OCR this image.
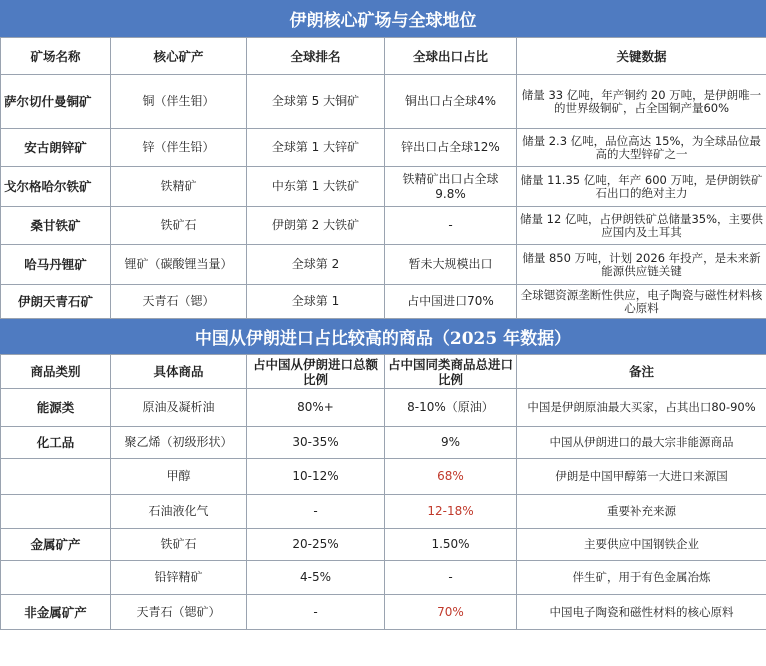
伊朗核心矿场与全球地位
矿场名称	核心矿产	全球排名	全球出口占比	关键数据
萨尔切什曼铜矿	铜（伴生钼）	全球第 5 大铜矿	铜出口占全球4%	储量 33 亿吨，年产铜约 20 万吨，是伊朗唯一的世界级铜矿，占全国铜产量60%
安古朗锌矿	锌（伴生铅）	全球第 1 大锌矿	锌出口占全球12%	储量 2.3 亿吨，品位高达 15%，为全球品位最高的大型锌矿之一
戈尔格哈尔铁矿	铁精矿	中东第 1 大铁矿	铁精矿出口占全球 9.8%	储量 11.35 亿吨，年产 600 万吨，是伊朗铁矿石出口的绝对主力
桑甘铁矿	铁矿石	伊朗第 2 大铁矿	-	储量 12 亿吨，占伊朗铁矿总储量35%，主要供应国内及土耳其
哈马丹锂矿	锂矿（碳酸锂当量）	全球第 2	暂未大规模出口	储量 850 万吨，计划 2026 年投产，是未来新能源供应链关键
伊朗天青石矿	天青石（锶）	全球第 1	占中国进口70%	全球锶资源垄断性供应，电子陶瓷与磁性材料核心原料
中国从伊朗进口占比较高的商品（2025 年数据）
商品类别	具体商品	占中国从伊朗进口总额比例	占中国同类商品总进口比例	备注
能源类	原油及凝析油	80%+	8-10%（原油）	中国是伊朗原油最大买家，占其出口80-90%
化工品	聚乙烯（初级形状）	30-35%	9%	中国从伊朗进口的最大宗非能源商品
	甲醇	10-12%	68%	伊朗是中国甲醇第一大进口来源国
	石油液化气	-	12-18%	重要补充来源
金属矿产	铁矿石	20-25%	1.50%	主要供应中国钢铁企业
	铅锌精矿	4-5%	-	伴生矿，用于有色金属冶炼
非金属矿产	天青石（锶矿）	-	70%	中国电子陶瓷和磁性材料的核心原料
